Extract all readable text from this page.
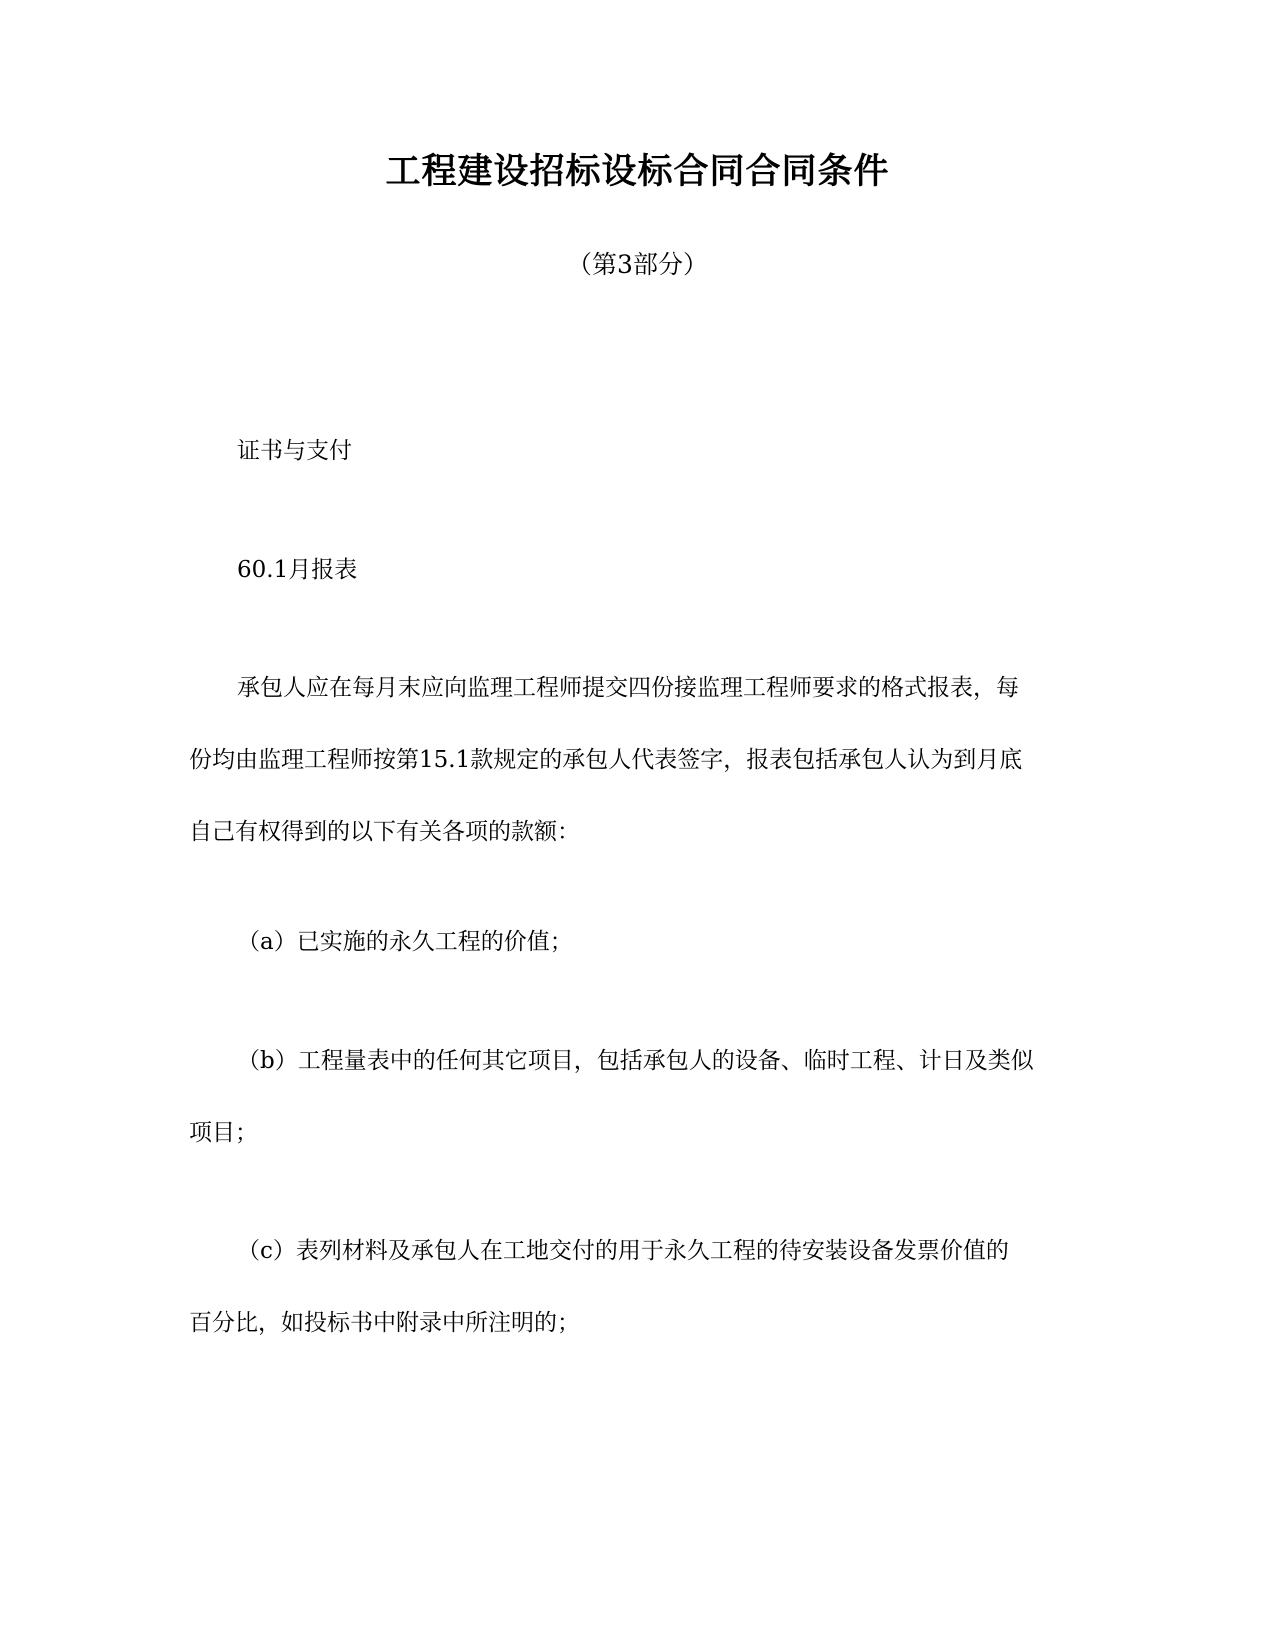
工程建设招标设标合同合同条件
（第3部分）
证书与支付
60.1月报表
承包人应在每月末应向监理工程师提交四份接监理工程师要求的格式报表，每
份均由监理工程师按第15.1款规定的承包人代表签字，报表包括承包人认为到月底
自己有权得到的以下有关各项的款额：
（a）已实施的永久工程的价值；
（b）工程量表中的任何其它项目，包括承包人的设备、临时工程、计日及类似
项目；
（c）表列材料及承包人在工地交付的用于永久工程的待安装设备发票价值的
百分比，如投标书中附录中所注明的；
